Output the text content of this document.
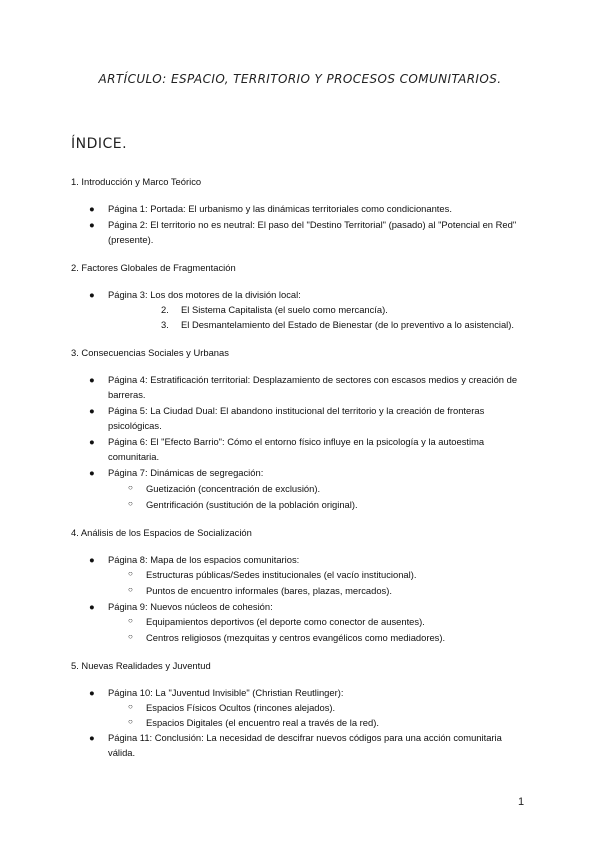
ARTÍCULO: ESPACIO, TERRITORIO Y PROCESOS COMUNITARIOS.
ÍNDICE.
1. Introducción y Marco Teórico
● Página 1: Portada: El urbanismo y las dinámicas territoriales como condicionantes.
● Página 2: El territorio no es neutral: El paso del "Destino Territorial" (pasado) al "Potencial en Red" (presente).
2. Factores Globales de Fragmentación
● Página 3: Los dos motores de la división local:
2. El Sistema Capitalista (el suelo como mercancía).
3. El Desmantelamiento del Estado de Bienestar (de lo preventivo a lo asistencial).
3. Consecuencias Sociales y Urbanas
● Página 4: Estratificación territorial: Desplazamiento de sectores con escasos medios y creación de barreras.
● Página 5: La Ciudad Dual: El abandono institucional del territorio y la creación de fronteras psicológicas.
● Página 6: El "Efecto Barrio": Cómo el entorno físico influye en la psicología y la autoestima comunitaria.
● Página 7: Dinámicas de segregación:
○ Guetización (concentración de exclusión).
○ Gentrificación (sustitución de la población original).
4. Análisis de los Espacios de Socialización
● Página 8: Mapa de los espacios comunitarios:
○ Estructuras públicas/Sedes institucionales (el vacío institucional).
○ Puntos de encuentro informales (bares, plazas, mercados).
● Página 9: Nuevos núcleos de cohesión:
○ Equipamientos deportivos (el deporte como conector de ausentes).
○ Centros religiosos (mezquitas y centros evangélicos como mediadores).
5. Nuevas Realidades y Juventud
● Página 10: La "Juventud Invisible" (Christian Reutlinger):
○ Espacios Físicos Ocultos (rincones alejados).
○ Espacios Digitales (el encuentro real a través de la red).
● Página 11: Conclusión: La necesidad de descifrar nuevos códigos para una acción comunitaria válida.
1
